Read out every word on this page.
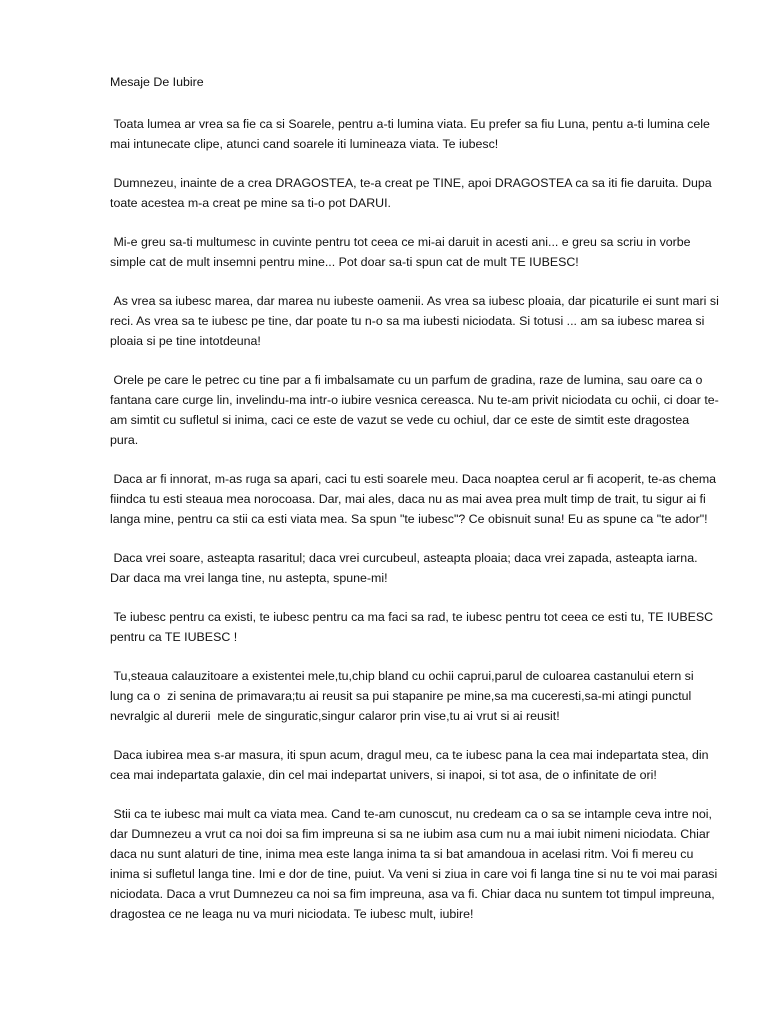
Mesaje De Iubire

Toata lumea ar vrea sa fie ca si Soarele, pentru a-ti lumina viata. Eu prefer sa fiu Luna, pentu a-ti lumina cele mai intunecate clipe, atunci cand soarele iti lumineaza viata. Te iubesc!

Dumnezeu, inainte de a crea DRAGOSTEA, te-a creat pe TINE, apoi DRAGOSTEA ca sa iti fie daruita. Dupa toate acestea m-a creat pe mine sa ti-o pot DARUI.

Mi-e greu sa-ti multumesc in cuvinte pentru tot ceea ce mi-ai daruit in acesti ani... e greu sa scriu in vorbe simple cat de mult insemni pentru mine... Pot doar sa-ti spun cat de mult TE IUBESC!

As vrea sa iubesc marea, dar marea nu iubeste oamenii. As vrea sa iubesc ploaia, dar picaturile ei sunt mari si reci. As vrea sa te iubesc pe tine, dar poate tu n-o sa ma iubesti niciodata. Si totusi ... am sa iubesc marea si ploaia si pe tine intotdeuna!

Orele pe care le petrec cu tine par a fi imbalsamate cu un parfum de gradina, raze de lumina, sau oare ca o fantana care curge lin, invelindu-ma intr-o iubire vesnica cereasca. Nu te-am privit niciodata cu ochii, ci doar te-am simtit cu sufletul si inima, caci ce este de vazut se vede cu ochiul, dar ce este de simtit este dragostea pura.

Daca ar fi innorat, m-as ruga sa apari, caci tu esti soarele meu. Daca noaptea cerul ar fi acoperit, te-as chema fiindca tu esti steaua mea norocoasa. Dar, mai ales, daca nu as mai avea prea mult timp de trait, tu sigur ai fi langa mine, pentru ca stii ca esti viata mea. Sa spun "te iubesc"? Ce obisnuit suna! Eu as spune ca "te ador"!

Daca vrei soare, asteapta rasaritul; daca vrei curcubeul, asteapta ploaia; daca vrei zapada, asteapta iarna. Dar daca ma vrei langa tine, nu astepta, spune-mi!

Te iubesc pentru ca existi, te iubesc pentru ca ma faci sa rad, te iubesc pentru tot ceea ce esti tu, TE IUBESC pentru ca TE IUBESC !

Tu,steaua calauzitoare a existentei mele,tu,chip bland cu ochii caprui,parul de culoarea castanului etern si lung ca o  zi senina de primavara;tu ai reusit sa pui stapanire pe mine,sa ma cuceresti,sa-mi atingi punctul nevralgic al durerii  mele de singuratic,singur calaror prin vise,tu ai vrut si ai reusit!

Daca iubirea mea s-ar masura, iti spun acum, dragul meu, ca te iubesc pana la cea mai indepartata stea, din cea mai indepartata galaxie, din cel mai indepartat univers, si inapoi, si tot asa, de o infinitate de ori!

Stii ca te iubesc mai mult ca viata mea. Cand te-am cunoscut, nu credeam ca o sa se intample ceva intre noi, dar Dumnezeu a vrut ca noi doi sa fim impreuna si sa ne iubim asa cum nu a mai iubit nimeni niciodata. Chiar daca nu sunt alaturi de tine, inima mea este langa inima ta si bat amandoua in acelasi ritm. Voi fi mereu cu inima si sufletul langa tine. Imi e dor de tine, puiut. Va veni si ziua in care voi fi langa tine si nu te voi mai parasi niciodata. Daca a vrut Dumnezeu ca noi sa fim impreuna, asa va fi. Chiar daca nu suntem tot timpul impreuna, dragostea ce ne leaga nu va muri niciodata. Te iubesc mult, iubire!
